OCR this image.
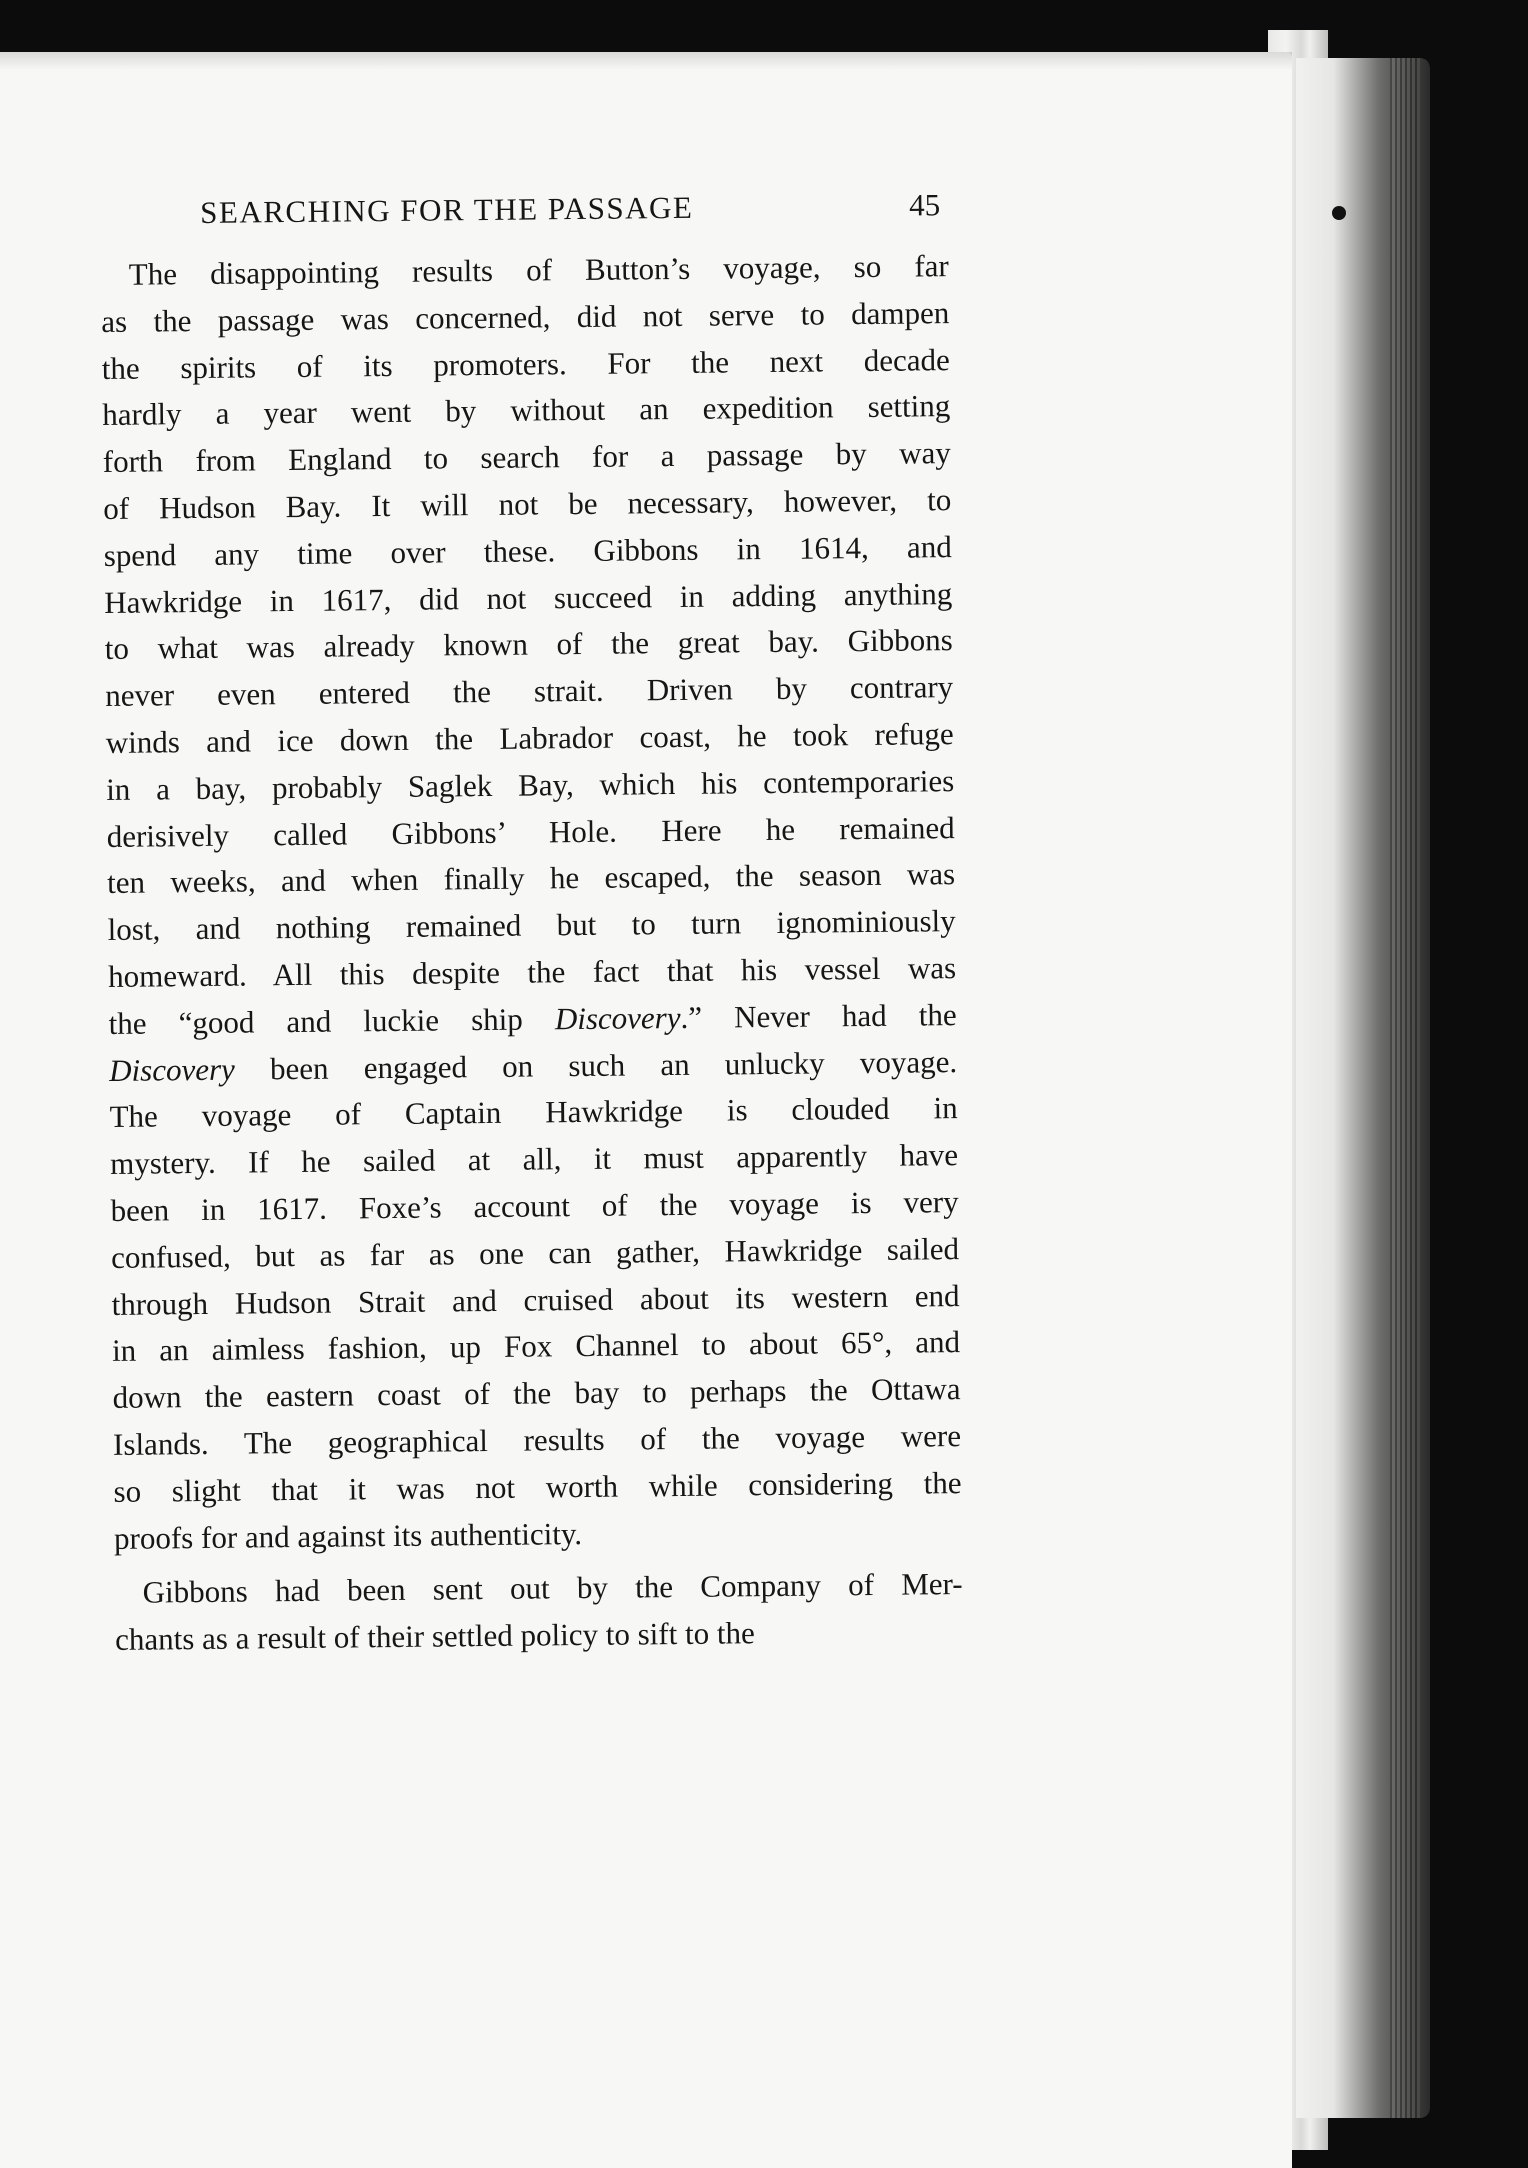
SEARCHING FOR THE PASSAGE	45

The disappointing results of Button’s voyage, so far
as the passage was concerned, did not serve to dampen
the spirits of its promoters. For the next decade
hardly a year went by without an expedition setting
forth from England to search for a passage by way
of Hudson Bay. It will not be necessary, however, to
spend any time over these. Gibbons in 1614, and
Hawkridge in 1617, did not succeed in adding anything
to what was already known of the great bay. Gibbons
never even entered the strait. Driven by contrary
winds and ice down the Labrador coast, he took refuge
in a bay, probably Saglek Bay, which his contemporaries
derisively called Gibbons’ Hole. Here he remained
ten weeks, and when finally he escaped, the season was
lost, and nothing remained but to turn ignominiously
homeward. All this despite the fact that his vessel was
the “good and luckie ship Discovery.” Never had the
Discovery been engaged on such an unlucky voyage.
The voyage of Captain Hawkridge is clouded in
mystery. If he sailed at all, it must apparently have
been in 1617. Foxe’s account of the voyage is very
confused, but as far as one can gather, Hawkridge sailed
through Hudson Strait and cruised about its western end
in an aimless fashion, up Fox Channel to about 65°, and
down the eastern coast of the bay to perhaps the Ottawa
Islands. The geographical results of the voyage were
so slight that it was not worth while considering the
proofs for and against its authenticity.

Gibbons had been sent out by the Company of Mer-
chants as a result of their settled policy to sift to the
